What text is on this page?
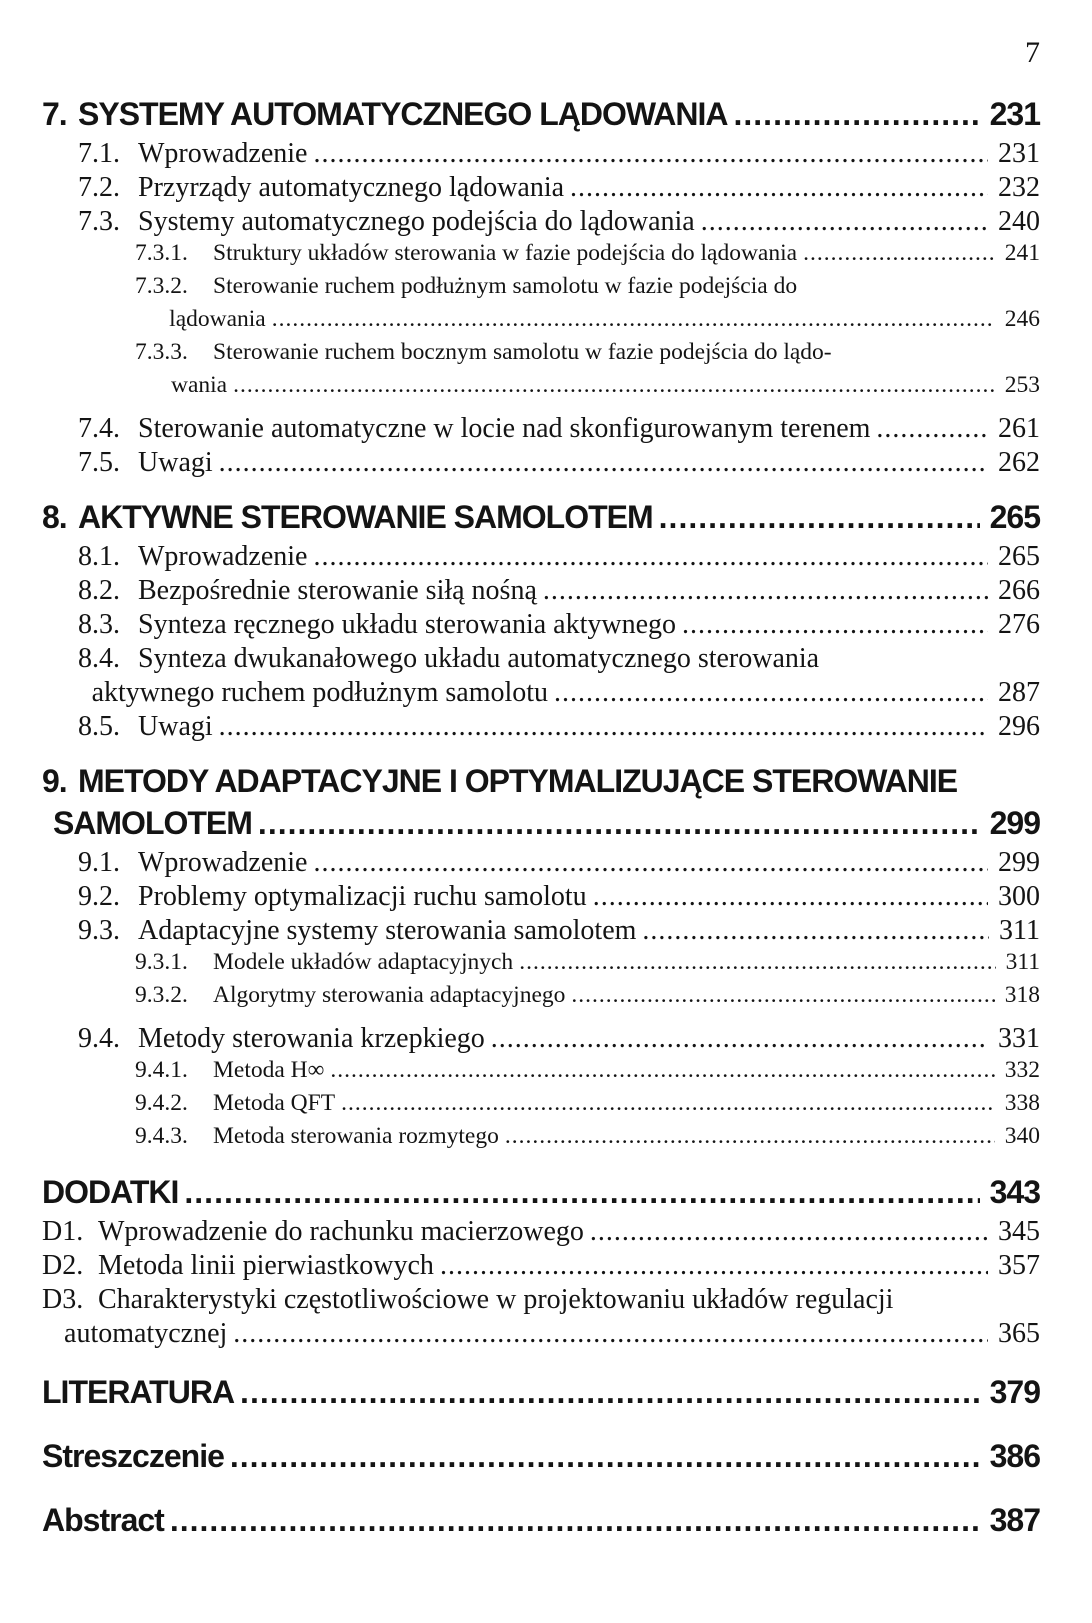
7
7. SYSTEMY AUTOMATYCZNEGO LĄDOWANIA .....	231
7.1. Wprowadzenie .....	231
7.2. Przyrządy automatycznego lądowania .....	232
7.3. Systemy automatycznego podejścia do lądowania .....	240
7.3.1.	Struktury układów sterowania w fazie podejścia do lądowania .....	241
7.3.2.	Sterowanie ruchem podłużnym samolotu w fazie podejścia do
lądowania .....	246
7.3.3.	Sterowanie ruchem bocznym samolotu w fazie podejścia do lądo-
wania .....	253
7.4. Sterowanie automatyczne w locie nad skonfigurowanym terenem .....	261
7.5. Uwagi .....	262
8. AKTYWNE STEROWANIE SAMOLOTEM .....	265
8.1. Wprowadzenie .....	265
8.2. Bezpośrednie sterowanie siłą nośną .....	266
8.3. Synteza ręcznego układu sterowania aktywnego .....	276
8.4. Synteza dwukanałowego układu automatycznego sterowania
aktywnego ruchem podłużnym samolotu .....	287
8.5. Uwagi .....	296
9. METODY ADAPTACYJNE I OPTYMALIZUJĄCE STEROWANIE
SAMOLOTEM .....	299
9.1. Wprowadzenie .....	299
9.2. Problemy optymalizacji ruchu samolotu .....	300
9.3. Adaptacyjne systemy sterowania samolotem .....	311
9.3.1.	Modele układów adaptacyjnych .....	311
9.3.2.	Algorytmy sterowania adaptacyjnego .....	318
9.4. Metody sterowania krzepkiego .....	331
9.4.1.	Metoda H∞ .....	332
9.4.2.	Metoda QFT .....	338
9.4.3.	Metoda sterowania rozmytego .....	340
DODATKI .....	343
D1. Wprowadzenie do rachunku macierzowego .....	345
D2. Metoda linii pierwiastkowych .....	357
D3. Charakterystyki częstotliwościowe w projektowaniu układów regulacji
automatycznej .....	365
LITERATURA .....	379
Streszczenie .....	386
Abstract .....	387
